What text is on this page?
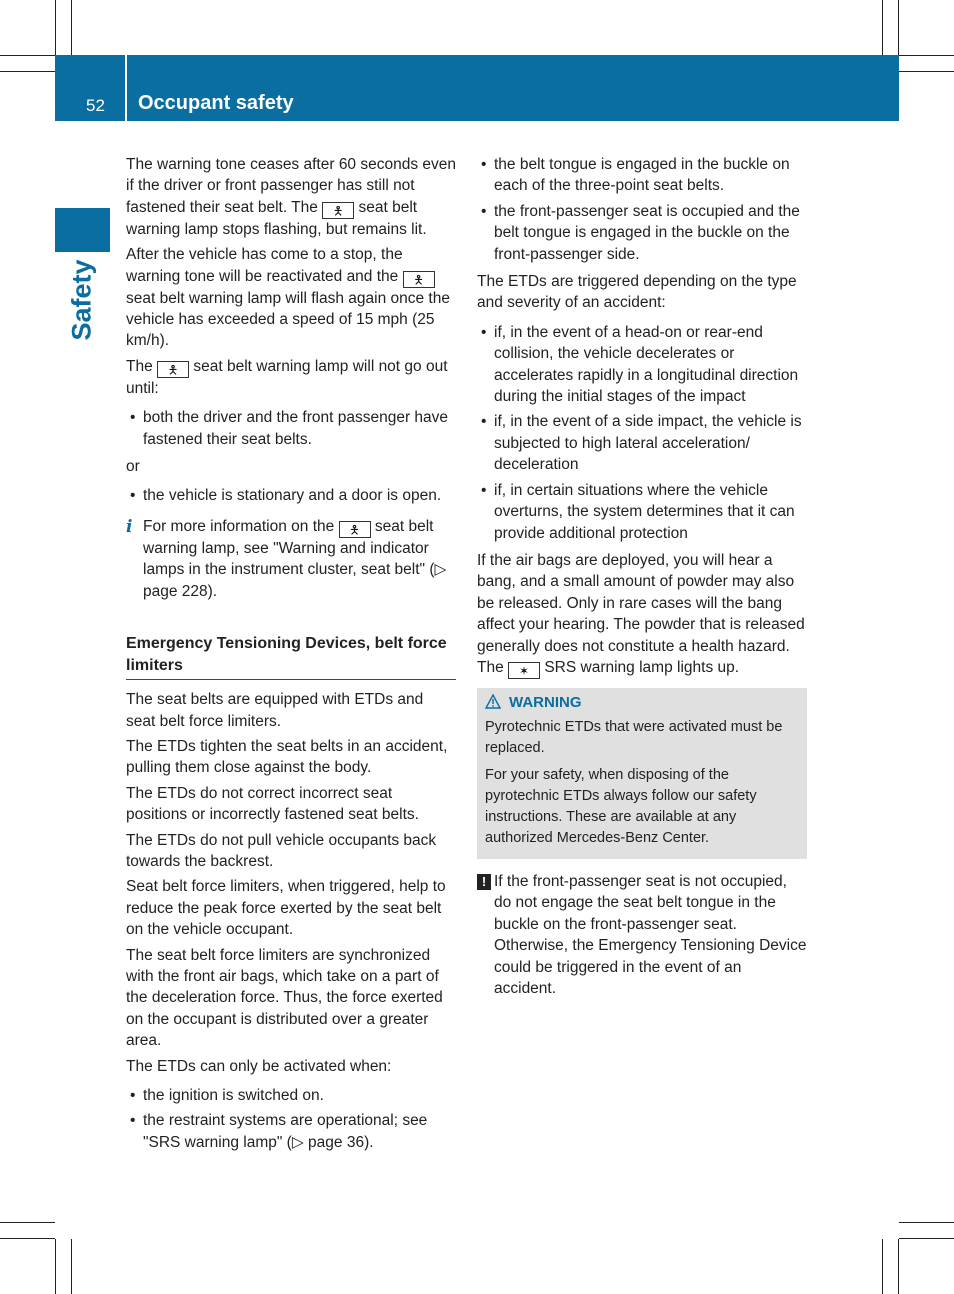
52 Occupant safety
Safety

The warning tone ceases after 60 seconds even if the driver or front passenger has still not fastened their seat belt. The 🯅 seat belt warning lamp stops flashing, but remains lit.

After the vehicle has come to a stop, the warning tone will be reactivated and the 🯅 seat belt warning lamp will flash again once the vehicle has exceeded a speed of 15 mph (25 km/h).

The 🯅 seat belt warning lamp will not go out until:

• both the driver and the front passenger have fastened their seat belts.

or

• the vehicle is stationary and a door is open.
i For more information on the 🯅 seat belt warning lamp, see "Warning and indicator lamps in the instrument cluster, seat belt" (▷ page 228).
Emergency Tensioning Devices, belt force limiters

The seat belts are equipped with ETDs and seat belt force limiters.

The ETDs tighten the seat belts in an accident, pulling them close against the body.

The ETDs do not correct incorrect seat positions or incorrectly fastened seat belts.

The ETDs do not pull vehicle occupants back towards the backrest.

Seat belt force limiters, when triggered, help to reduce the peak force exerted by the seat belt on the vehicle occupant.

The seat belt force limiters are synchronized with the front air bags, which take on a part of the deceleration force. Thus, the force exerted on the occupant is distributed over a greater area.

The ETDs can only be activated when:

• the ignition is switched on.
• the restraint systems are operational; see "SRS warning lamp" (▷ page 36).
• the belt tongue is engaged in the buckle on each of the three-point seat belts.
• the front-passenger seat is occupied and the belt tongue is engaged in the buckle on the front-passenger side.

The ETDs are triggered depending on the type and severity of an accident:

• if, in the event of a head-on or rear-end collision, the vehicle decelerates or accelerates rapidly in a longitudinal direction during the initial stages of the impact
• if, in the event of a side impact, the vehicle is subjected to high lateral acceleration/ deceleration
• if, in certain situations where the vehicle overturns, the system determines that it can provide additional protection

If the air bags are deployed, you will hear a bang, and a small amount of powder may also be released. Only in rare cases will the bang affect your hearing. The powder that is released generally does not constitute a health hazard. The ✶ SRS warning lamp lights up.

WARNING

Pyrotechnic ETDs that were activated must be replaced.

For your safety, when disposing of the pyrotechnic ETDs always follow our safety instructions. These are available at any authorized Mercedes-Benz Center.

! If the front-passenger seat is not occupied, do not engage the seat belt tongue in the buckle on the front-passenger seat. Otherwise, the Emergency Tensioning Device could be triggered in the event of an accident.
